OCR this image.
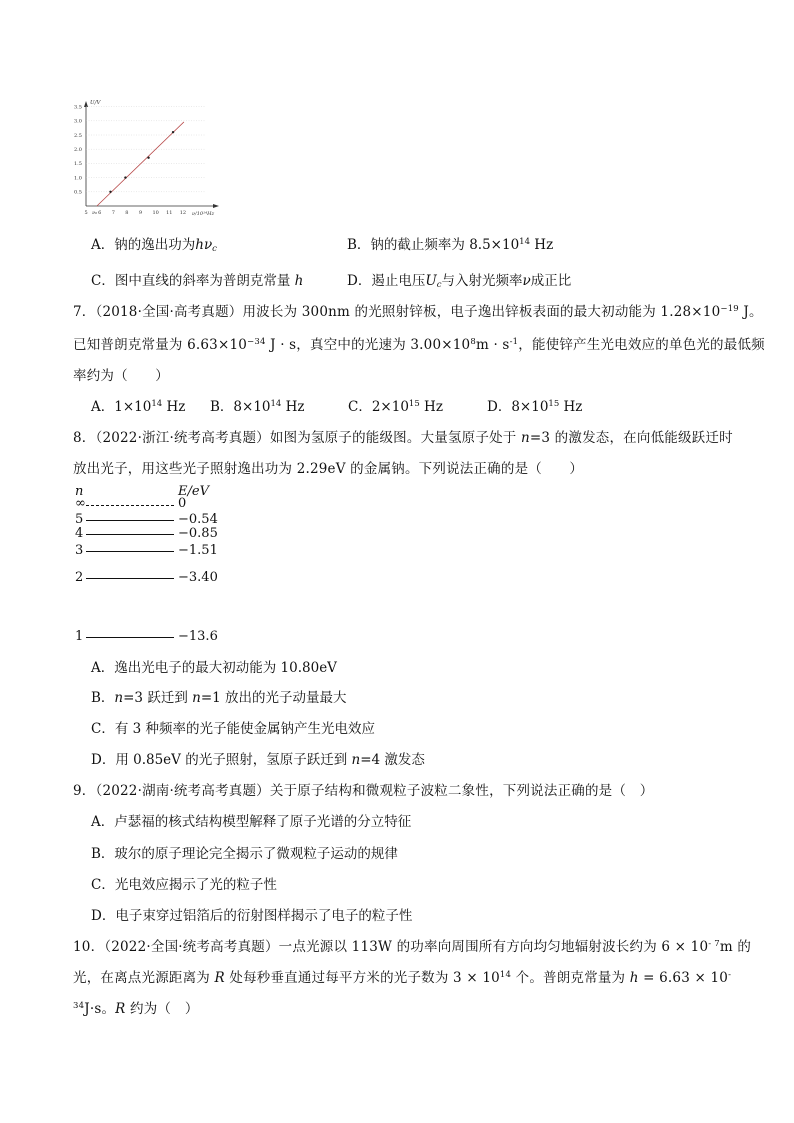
0.5
1.0
1.5
2.0
2.5
3.0
3.5
5 6 7 8 9 10 11 12
ν₀
U/V
ν/10¹⁴Hz
A．钠的逸出功为$h\nu_c$	B．钠的截止频率为 $8.5\times 10^{14}$ Hz
C．图中直线的斜率为普朗克常量 h	D．遏止电压$U_c$与入射光频率ν成正比
7．（2018·全国·高考真题）用波长为 300nm 的光照射锌板，电子逸出锌板表面的最大初动能为 $1.28\times 10^{-19}$ J。
已知普朗克常量为 $6.63\times 10^{-34}$ J · s，真空中的光速为 $3.00\times 10^8m \cdot s^{-1}$，能使锌产生光电效应的单色光的最低频
率约为（　　）
A．$1\times 10^{14}$ Hz B．$8\times 10^{14}$ Hz	C．$2\times 10^{15}$ Hz	D．$8\times 10^{15}$ Hz
8．（2022·浙江·统考高考真题）如图为氢原子的能级图。大量氢原子处于 n=3 的激发态，在向低能级跃迁时
放出光子，用这些光子照射逸出功为 2.29eV 的金属钠。下列说法正确的是（　　）
n	E/eV
∞	0
5	−0.54
4	−0.85
3	−1.51
2	−3.40
1	−13.6
A．逸出光电子的最大初动能为 10.80eV
B．n=3 跃迁到 n=1 放出的光子动量最大
C．有 3 种频率的光子能使金属钠产生光电效应
D．用 0.85eV 的光子照射，氢原子跃迁到 n=4 激发态
9．（2022·湖南·统考高考真题）关于原子结构和微观粒子波粒二象性，下列说法正确的是（　）
A．卢瑟福的核式结构模型解释了原子光谱的分立特征
B．玻尔的原子理论完全揭示了微观粒子运动的规律
C．光电效应揭示了光的粒子性
D．电子束穿过铝箔后的衍射图样揭示了电子的粒子性
10．（2022·全国·统考高考真题）一点光源以 113W 的功率向周围所有方向均匀地辐射波长约为 $6 \times 10^{- 7}m$ 的
光，在离点光源距离为 R 处每秒垂直通过每平方米的光子数为 $3 \times 10^{14}$ 个。普朗克常量为 h = 6.63 × 10-
$^{34}$J·s。R 约为（　）
